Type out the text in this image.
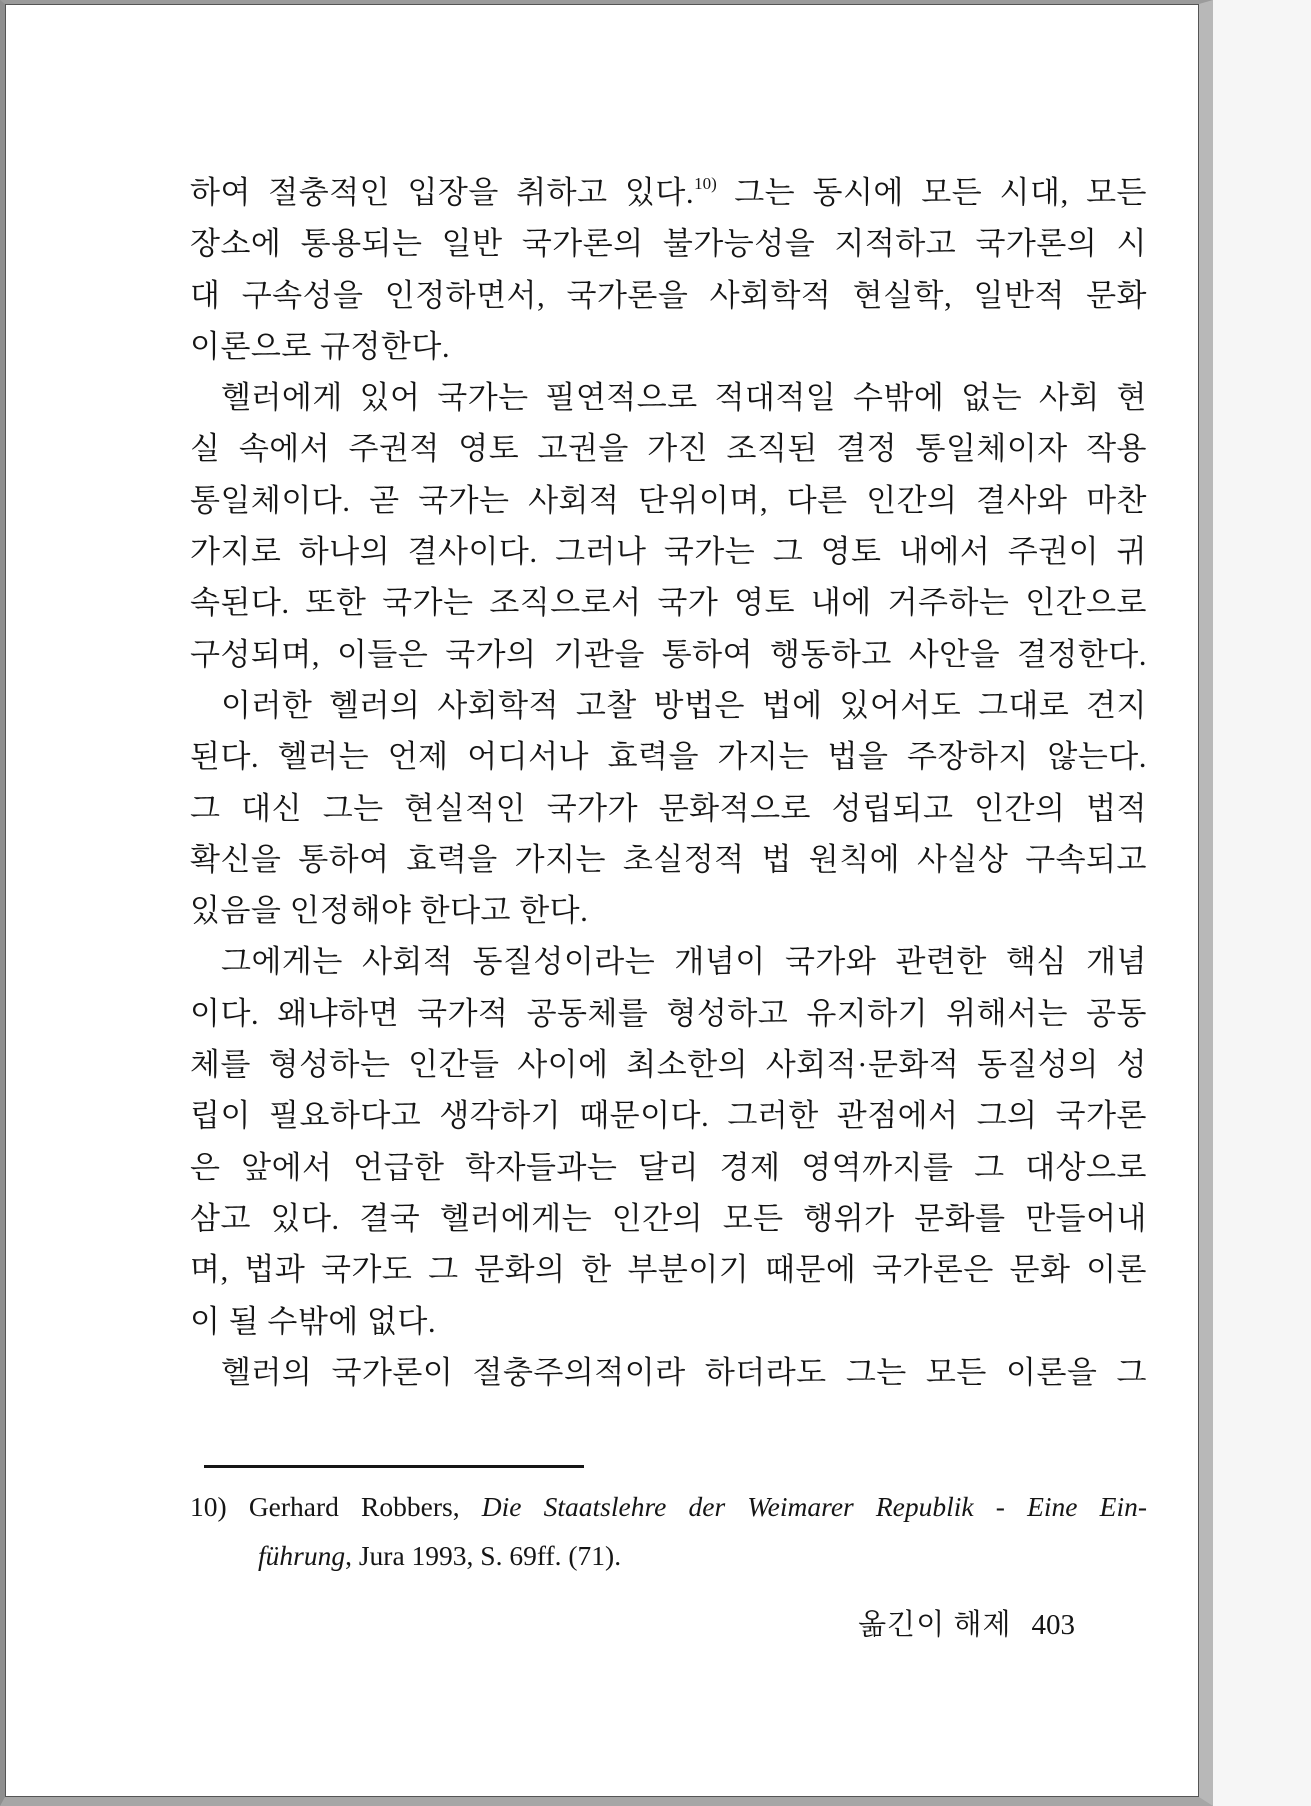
하여 절충적인 입장을 취하고 있다.$^{10)}$ 그는 동시에 모든 시대, 모든
장소에 통용되는 일반 국가론의 불가능성을 지적하고 국가론의 시
대 구속성을 인정하면서, 국가론을 사회학적 현실학, 일반적 문화
이론으로 규정한다.
헬러에게 있어 국가는 필연적으로 적대적일 수밖에 없는 사회 현
실 속에서 주권적 영토 고권을 가진 조직된 결정 통일체이자 작용
통일체이다. 곧 국가는 사회적 단위이며, 다른 인간의 결사와 마찬
가지로 하나의 결사이다. 그러나 국가는 그 영토 내에서 주권이 귀
속된다. 또한 국가는 조직으로서 국가 영토 내에 거주하는 인간으로
구성되며, 이들은 국가의 기관을 통하여 행동하고 사안을 결정한다.
이러한 헬러의 사회학적 고찰 방법은 법에 있어서도 그대로 견지
된다. 헬러는 언제 어디서나 효력을 가지는 법을 주장하지 않는다.
그 대신 그는 현실적인 국가가 문화적으로 성립되고 인간의 법적
확신을 통하여 효력을 가지는 초실정적 법 원칙에 사실상 구속되고
있음을 인정해야 한다고 한다.
그에게는 사회적 동질성이라는 개념이 국가와 관련한 핵심 개념
이다. 왜냐하면 국가적 공동체를 형성하고 유지하기 위해서는 공동
체를 형성하는 인간들 사이에 최소한의 사회적·문화적 동질성의 성
립이 필요하다고 생각하기 때문이다. 그러한 관점에서 그의 국가론
은 앞에서 언급한 학자들과는 달리 경제 영역까지를 그 대상으로
삼고 있다. 결국 헬러에게는 인간의 모든 행위가 문화를 만들어내
며, 법과 국가도 그 문화의 한 부분이기 때문에 국가론은 문화 이론
이 될 수밖에 없다.
헬러의 국가론이 절충주의적이라 하더라도 그는 모든 이론을 그
10) Gerhard Robbers, Die Staatslehre der Weimarer Republik - Eine Ein-
führung, Jura 1993, S. 69ff. (71).
옮긴이 해제 403
